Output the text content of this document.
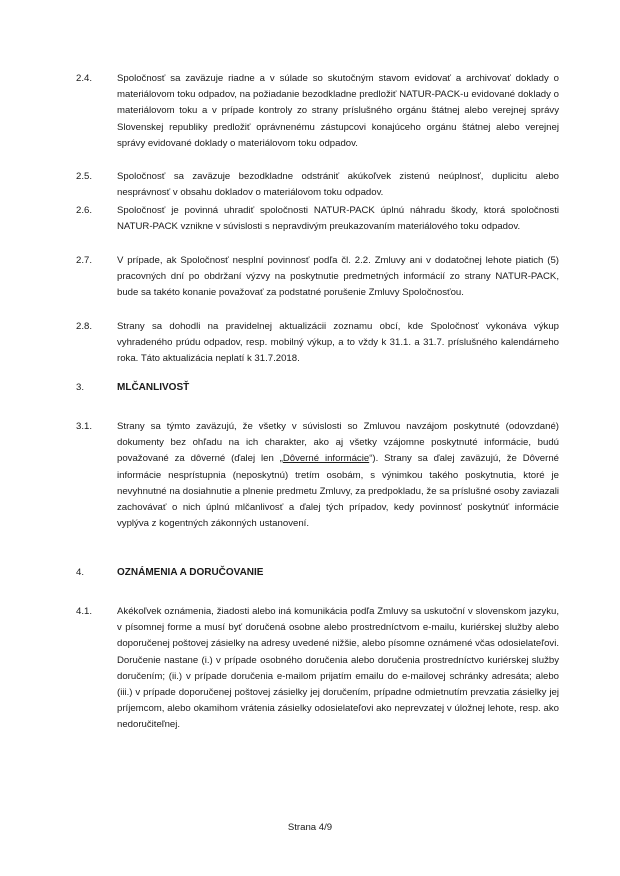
2.4.	Spoločnosť sa zaväzuje riadne a v súlade so skutočným stavom evidovať a archivovať doklady o materiálovom toku odpadov, na požiadanie bezodkladne predložiť NATUR-PACK-u evidované doklady o materiálovom toku a v prípade kontroly zo strany príslušného orgánu štátnej alebo verejnej správy Slovenskej republiky predložiť oprávnenému zástupcovi konajúceho orgánu štátnej alebo verejnej správy evidované doklady o materiálovom toku odpadov.
2.5.	Spoločnosť sa zaväzuje bezodkladne odstrániť akúkoľvek zistenú neúplnosť, duplicitu alebo nesprávnosť v obsahu dokladov o materiálovom toku odpadov.
2.6.	Spoločnosť je povinná uhradiť spoločnosti NATUR-PACK úplnú náhradu škody, ktorá spoločnosti NATUR-PACK vznikne v súvislosti s nepravdivým preukazovaním materiálového toku odpadov.
2.7.	V prípade, ak Spoločnosť nesplní povinnosť podľa čl. 2.2. Zmluvy ani v dodatočnej lehote piatich (5) pracovných dní po obdržaní výzvy na poskytnutie predmetných informácií zo strany NATUR-PACK, bude sa takéto konanie považovať za podstatné porušenie Zmluvy Spoločnosťou.
2.8.	Strany sa dohodli na pravidelnej aktualizácii zoznamu obcí, kde Spoločnosť vykonáva výkup vyhradeného prúdu odpadov, resp. mobilný výkup, a to vždy k 31.1. a 31.7. príslušného kalendárneho roka. Táto aktualizácia neplatí k 31.7.2018.
3.	MLČANLIVOSŤ
3.1.	Strany sa týmto zaväzujú, že všetky v súvislosti so Zmluvou navzájom poskytnuté (odovzdané) dokumenty bez ohľadu na ich charakter, ako aj všetky vzájomne poskytnuté informácie, budú považované za dôverné (ďalej len „Dôverné informácie“). Strany sa ďalej zaväzujú, že Dôverné informácie nesprístupnia (neposkytnú) tretím osobám, s výnimkou takého poskytnutia, ktoré je nevyhnutné na dosiahnutie a plnenie predmetu Zmluvy, za predpokladu, že sa príslušné osoby zaviazali zachovávať o nich úplnú mlčanlivosť a ďalej tých prípadov, kedy povinnosť poskytnúť informácie vyplýva z kogentných zákonných ustanovení.
4.	OZNÁMENIA A DORUČOVANIE
4.1.	Akékoľvek oznámenia, žiadosti alebo iná komunikácia podľa Zmluvy sa uskutoční v slovenskom jazyku, v písomnej forme a musí byť doručená osobne alebo prostredníctvom e-mailu, kuriérskej služby alebo doporučenej poštovej zásielky na adresy uvedené nižšie, alebo písomne oznámené včas odosielateľovi. Doručenie nastane (i.) v prípade osobného doručenia alebo doručenia prostredníctvo kuriérskej služby doručením; (ii.) v prípade doručenia e-mailom prijatím emailu do e-mailovej schránky adresáta; alebo (iii.) v prípade doporučenej poštovej zásielky jej doručením, prípadne odmietnutím prevzatia zásielky jej príjemcom, alebo okamihom vrátenia zásielky odosielateľovi ako neprevzatej v úložnej lehote, resp. ako nedoručiteľnej.
Strana 4/9
